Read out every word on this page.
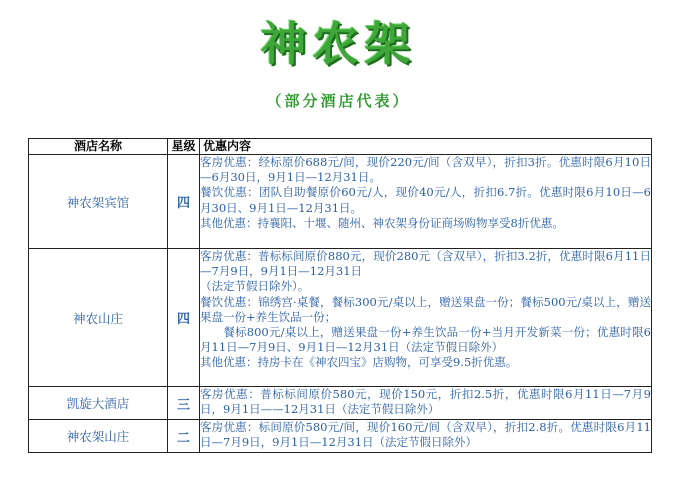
神农架
（部分酒店代表）
酒店名称	星级	优惠内容
神农架宾馆	四	客房优惠：经标原价688元/间，现价220元/间（含双早），折扣3折。优惠时限6月10日—6月30日，9月1日—12月31日。
餐饮优惠：团队自助餐原价60元/人，现价40元/人，折扣6.7折。优惠时限6月10日—6月30日、9月1日—12月31日。
其他优惠：持襄阳、十堰、随州、神农架身份证商场购物享受8折优惠。

神农山庄	四	客房优惠：普标标间原价880元，现价280元（含双早），折扣3.2折，优惠时限6月11日—7月9日，9月1日—12月31日
（法定节假日除外）。
餐饮优惠：锦绣宫·桌餐，餐标300元/桌以上，赠送果盘一份；餐标500元/桌以上，赠送果盘一份+养生饮品一份；
　　餐标800元/桌以上，赠送果盘一份+养生饮品一份+当月开发新菜一份；优惠时限6月11日—7月9日、9月1日—12月31日（法定节假日除外）
其他优惠：持房卡在《神农四宝》店购物，可享受9.5折优惠。

凯旋大酒店	三	客房优惠：普标标间原价580元，现价150元，折扣2.5折，优惠时限6月11日—7月9日，9月1日——12月31日（法定节假日除外）

神农架山庄	二	客房优惠：标间原价580元/间，现价160元/间（含双早），折扣2.8折。优惠时限6月11日—7月9日，9月1日—12月31日（法定节假日除外）
